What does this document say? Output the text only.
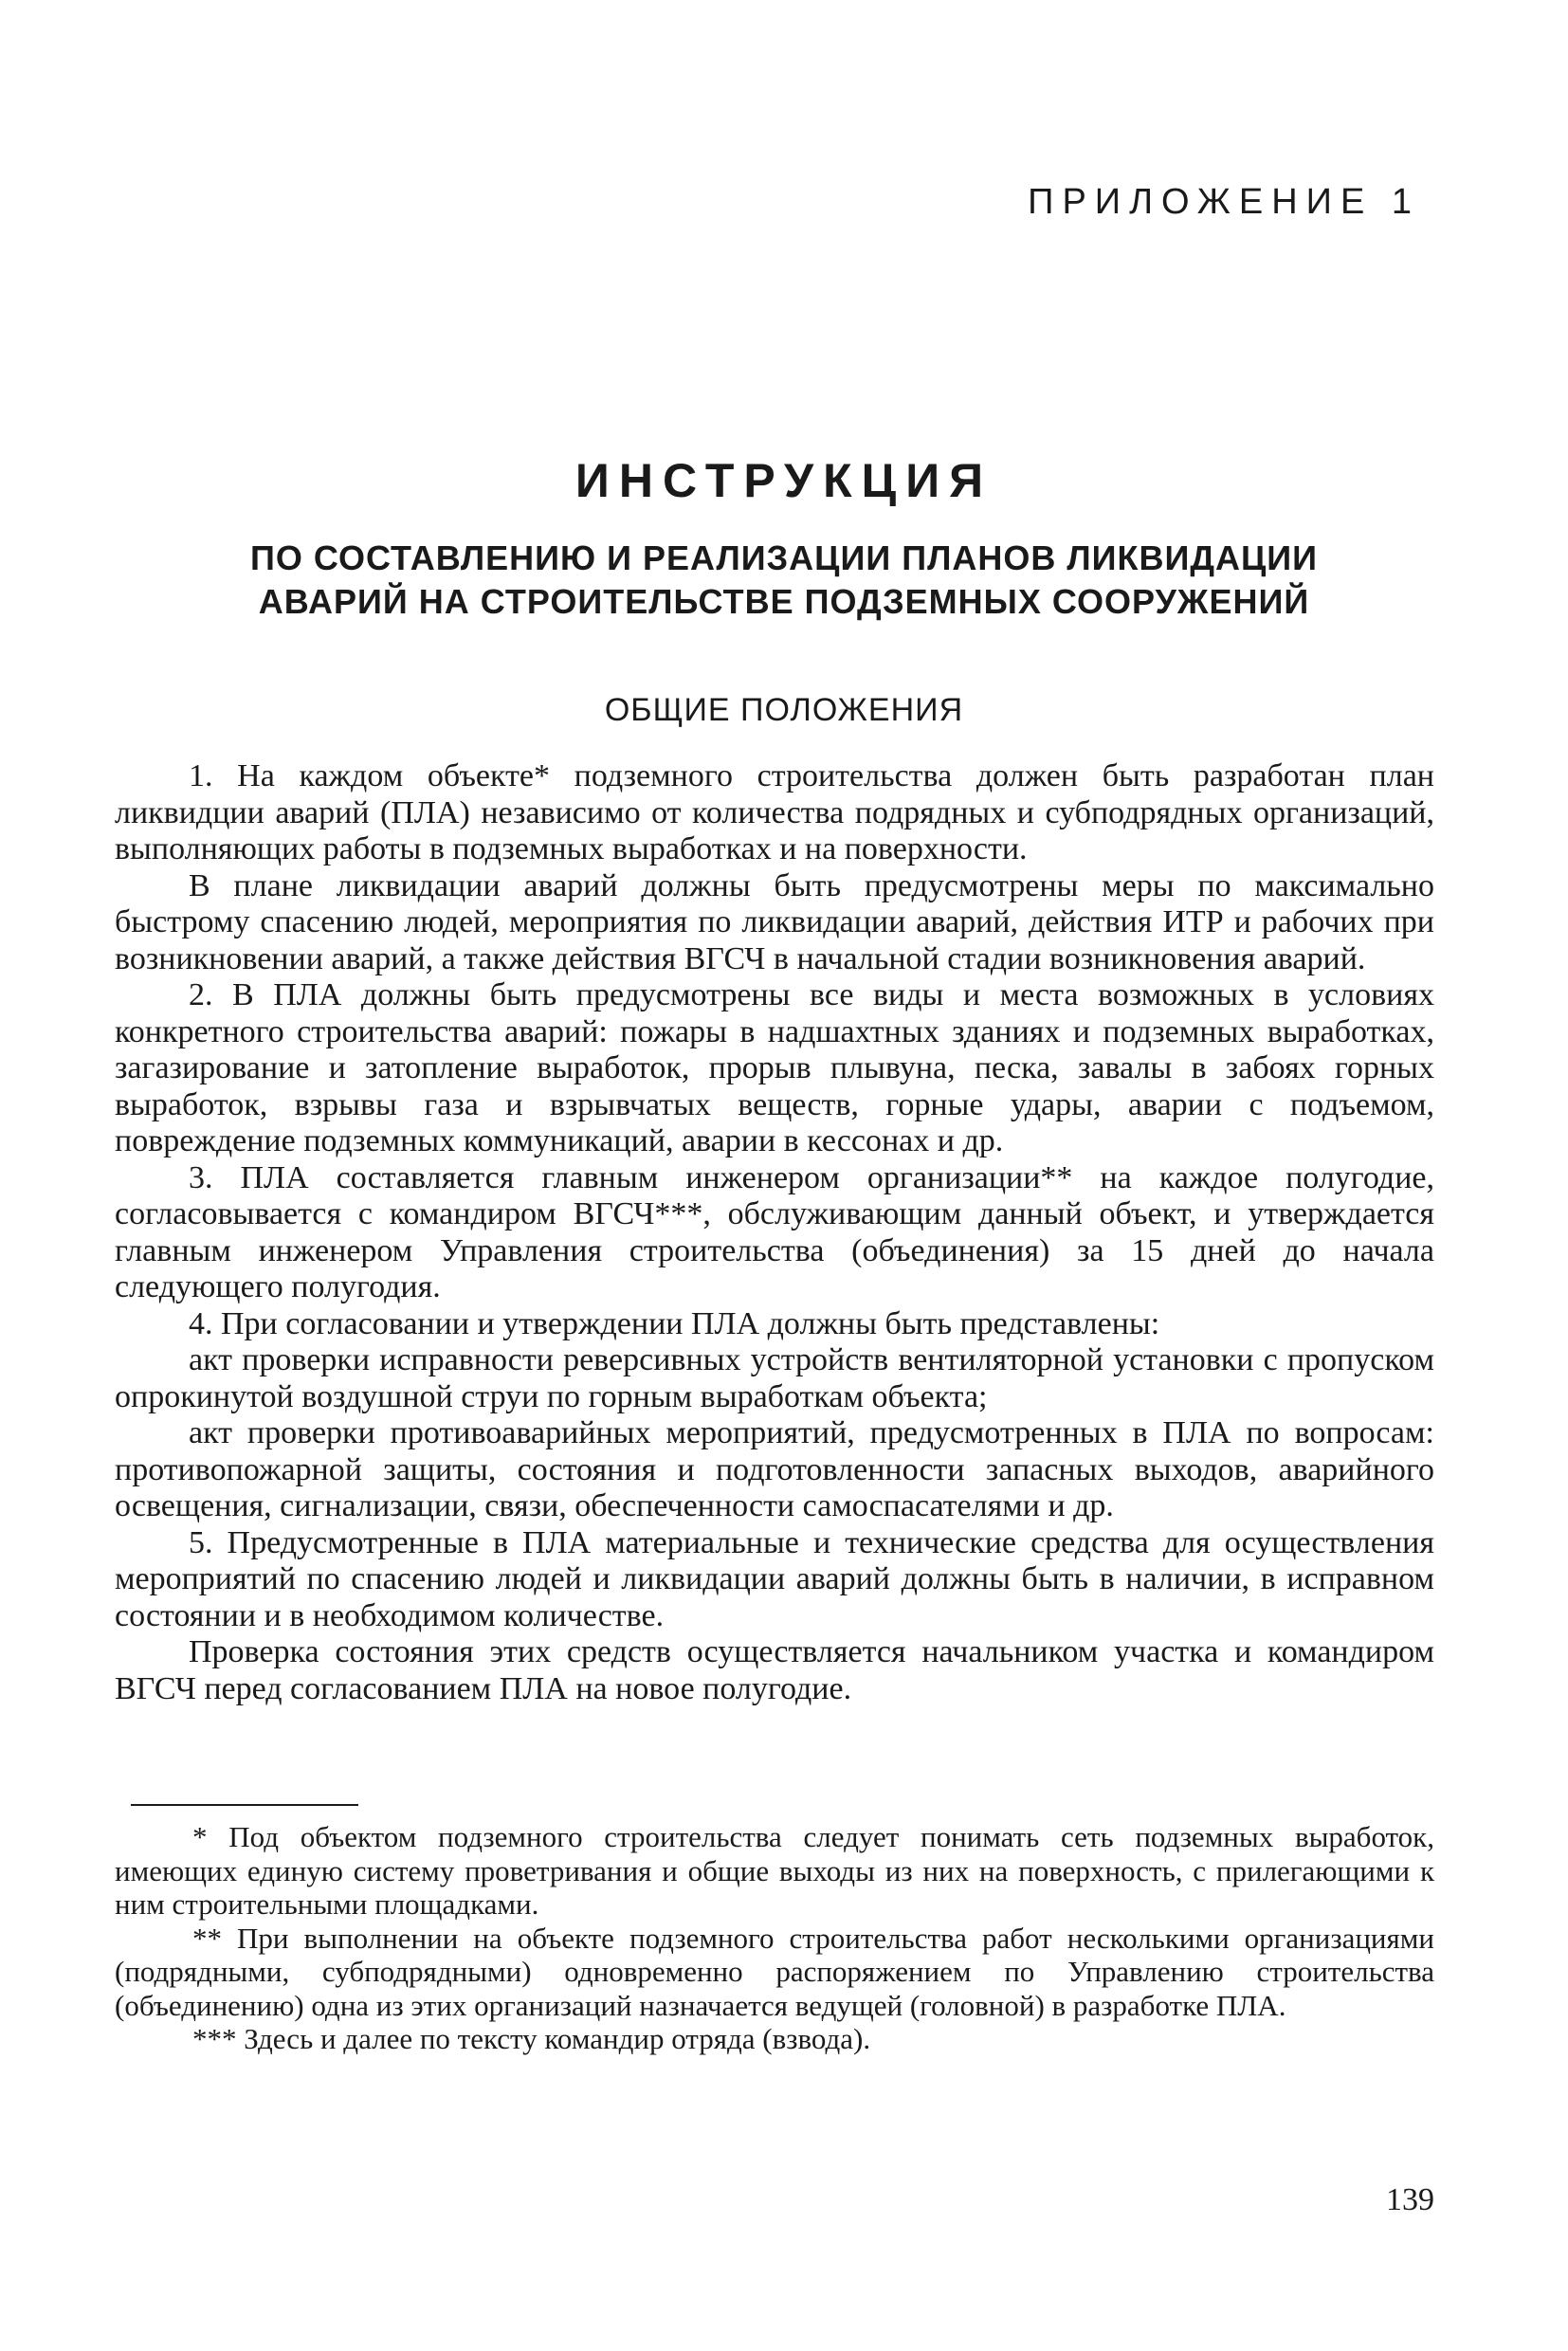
ПРИЛОЖЕНИЕ 1
ИНСТРУКЦИЯ
ПО СОСТАВЛЕНИЮ И РЕАЛИЗАЦИИ ПЛАНОВ ЛИКВИДАЦИИ
АВАРИЙ НА СТРОИТЕЛЬСТВЕ ПОДЗЕМНЫХ СООРУЖЕНИЙ
ОБЩИЕ ПОЛОЖЕНИЯ

1. На каждом объекте* подземного строительства должен быть разработан план ликвидции аварий (ПЛА) независимо от количества подрядных и субподрядных организаций, выполняющих работы в подземных выработках и на поверхности.

В плане ликвидации аварий должны быть предусмотрены меры по максимально быстрому спасению людей, мероприятия по ликвидации аварий, действия ИТР и рабочих при возникновении аварий, а также действия ВГСЧ в начальной стадии возникновения аварий.

2. В ПЛА должны быть предусмотрены все виды и места возможных в условиях конкретного строительства аварий: пожары в надшахтных зданиях и подземных выработках, загазирование и затопление выработок, прорыв плывуна, песка, завалы в забоях горных выработок, взрывы газа и взрывчатых веществ, горные удары, аварии с подъемом, повреждение подземных коммуникаций, аварии в кессонах и др.

3. ПЛА составляется главным инженером организации** на каждое полугодие, согласовывается с командиром ВГСЧ***, обслуживающим данный объект, и утверждается главным инженером Управления строительства (объединения) за 15 дней до начала следующего полугодия.

4. При согласовании и утверждении ПЛА должны быть представлены:

акт проверки исправности реверсивных устройств вентиляторной установки с пропуском опрокинутой воздушной струи по горным выработкам объекта;

акт проверки противоаварийных мероприятий, предусмотренных в ПЛА по вопросам: противопожарной защиты, состояния и подготовленности запасных выходов, аварийного освещения, сигнализации, связи, обеспеченности самоспасателями и др.

5. Предусмотренные в ПЛА материальные и технические средства для осуществления мероприятий по спасению людей и ликвидации аварий должны быть в наличии, в исправном состоянии и в необходимом количестве.

Проверка состояния этих средств осуществляется начальником участка и командиром ВГСЧ перед согласованием ПЛА на новое полугодие.

* Под объектом подземного строительства следует понимать сеть подземных выработок, имеющих единую систему проветривания и общие выходы из них на поверхность, с прилегающими к ним строительными площадками.

** При выполнении на объекте подземного строительства работ несколькими организациями (подрядными, субподрядными) одновременно распоряжением по Управлению строительства (объединению) одна из этих организаций назначается ведущей (головной) в разработке ПЛА.

*** Здесь и далее по тексту командир отряда (взвода).

139
